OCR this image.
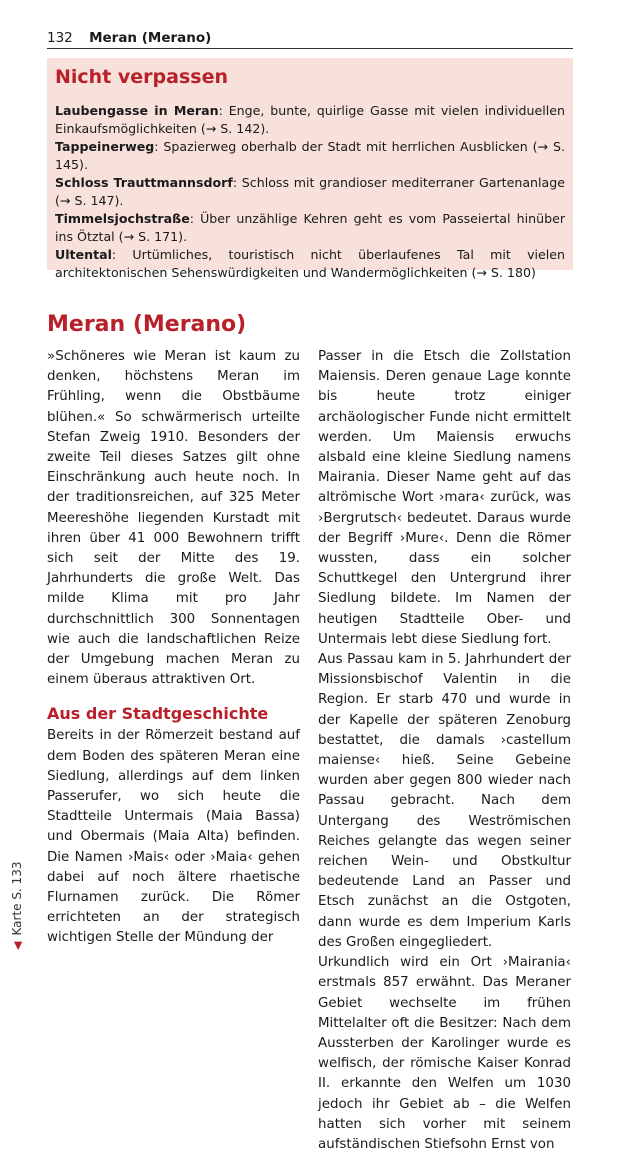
132 Meran (Merano)
Nicht verpassen
Laubengasse in Meran: Enge, bunte, quirlige Gasse mit vielen individuellen Einkaufsmöglichkeiten (→ S. 142).
Tappeinerweg: Spazierweg oberhalb der Stadt mit herrlichen Ausblicken (→ S. 145).
Schloss Trauttmannsdorf: Schloss mit grandioser mediterraner Gartenanlage (→ S. 147).
Timmelsjochstraße: Über unzählige Kehren geht es vom Passeiertal hinüber ins Ötztal (→ S. 171).
Ultental: Urtümliches, touristisch nicht überlaufenes Tal mit vielen architektonischen Sehenswürdigkeiten und Wandermöglichkeiten (→ S. 180)
Meran (Merano)

»Schöneres wie Meran ist kaum zu denken, höchstens Meran im Frühling, wenn die Obstbäume blühen.« So schwärmerisch urteilte Stefan Zweig 1910. Besonders der zweite Teil dieses Satzes gilt ohne Einschränkung auch heute noch. In der traditionsreichen, auf 325 Meter Meereshöhe liegenden Kurstadt mit ihren über 41 000 Bewohnern trifft sich seit der Mitte des 19. Jahrhunderts die große Welt. Das milde Klima mit pro Jahr durchschnittlich 300 Sonnentagen wie auch die landschaftlichen Reize der Umgebung machen Meran zu einem überaus attraktiven Ort.

Aus der Stadtgeschichte

Bereits in der Römerzeit bestand auf dem Boden des späteren Meran eine Siedlung, allerdings auf dem linken Passerufer, wo sich heute die Stadtteile Untermais (Maia Bassa) und Obermais (Maia Alta) befinden. Die Namen ›Mais‹ oder ›Maia‹ gehen dabei auf noch ältere rhaetische Flurnamen zurück. Die Römer errichteten an der strategisch wichtigen Stelle der Mündung der

Passer in die Etsch die Zollstation Maiensis. Deren genaue Lage konnte bis heute trotz einiger archäologischer Funde nicht ermittelt werden. Um Maiensis erwuchs alsbald eine kleine Siedlung namens Mairania. Dieser Name geht auf das altrömische Wort ›mara‹ zurück, was ›Bergrutsch‹ bedeutet. Daraus wurde der Begriff ›Mure‹. Denn die Römer wussten, dass ein solcher Schuttkegel den Untergrund ihrer Siedlung bildete. Im Namen der heutigen Stadtteile Ober- und Untermais lebt diese Siedlung fort.

Aus Passau kam in 5. Jahrhundert der Missionsbischof Valentin in die Region. Er starb 470 und wurde in der Kapelle der späteren Zenoburg bestattet, die damals ›castellum maiense‹ hieß. Seine Gebeine wurden aber gegen 800 wieder nach Passau gebracht. Nach dem Untergang des Weströmischen Reiches gelangte das wegen seiner reichen Wein- und Obstkultur bedeutende Land an Passer und Etsch zunächst an die Ostgoten, dann wurde es dem Imperium Karls des Großen eingegliedert.

Urkundlich wird ein Ort ›Mairania‹ erstmals 857 erwähnt. Das Meraner Gebiet wechselte im frühen Mittelalter oft die Besitzer: Nach dem Aussterben der Karolinger wurde es welfisch, der römische Kaiser Konrad II. erkannte den Welfen um 1030 jedoch ihr Gebiet ab – die Welfen hatten sich vorher mit seinem aufständischen Stiefsohn Ernst von

◀Karte S. 133
